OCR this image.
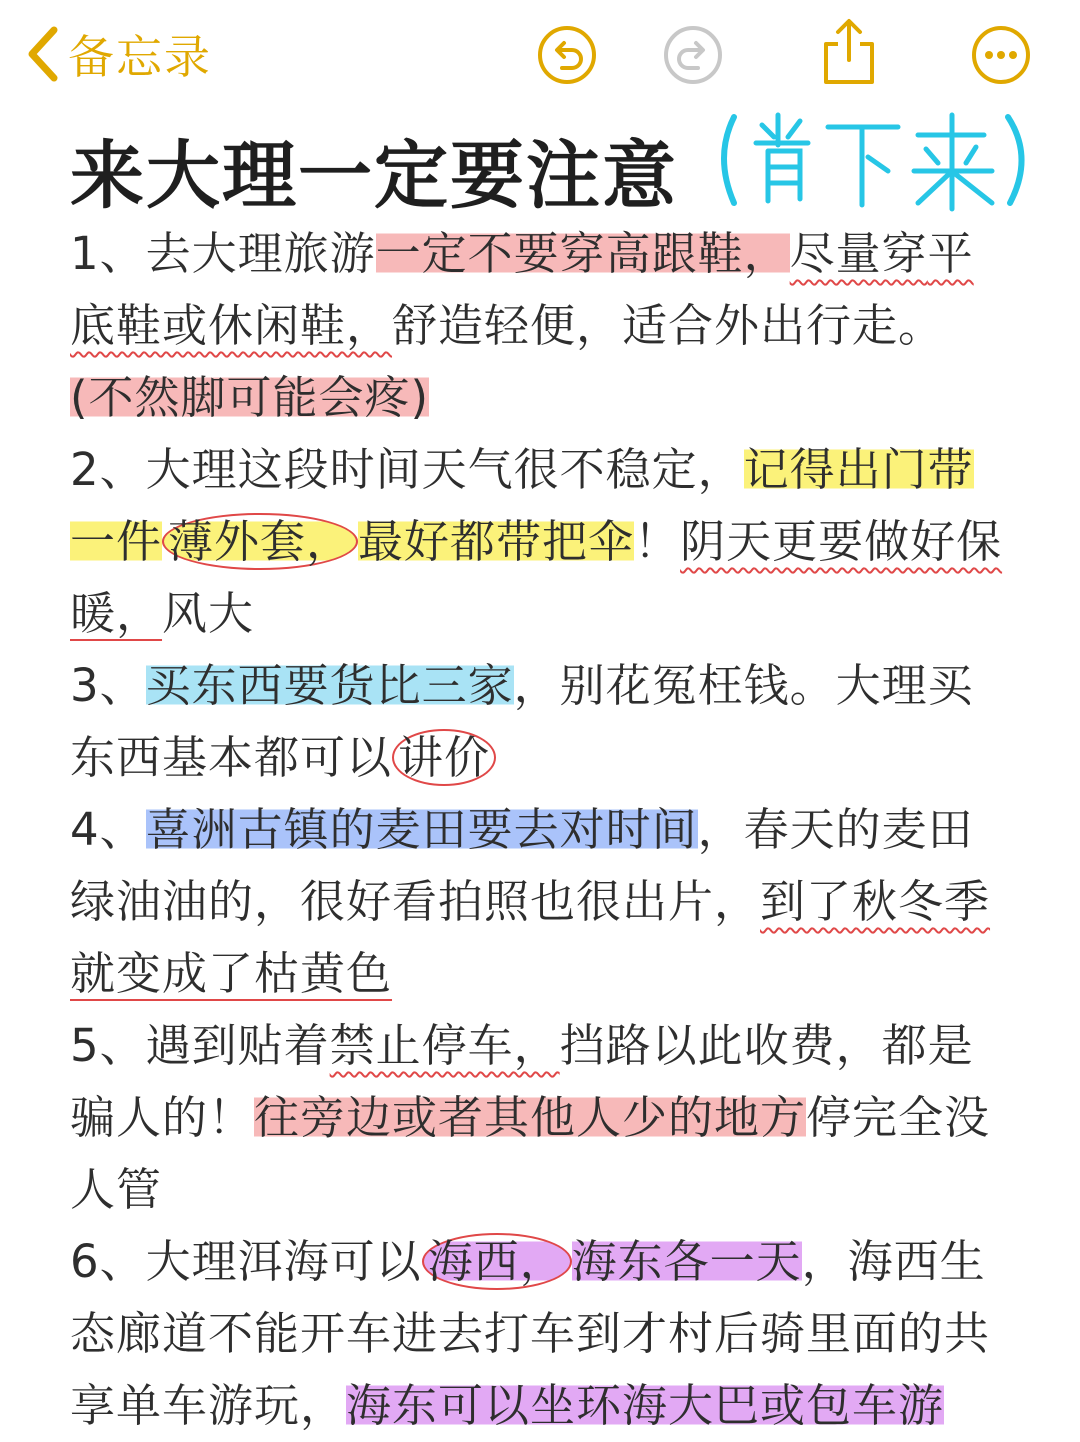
备忘录
来大理一定要注意
1、去大理旅游一定不要穿高跟鞋，尽量穿平
底鞋或休闲鞋，舒造轻便，适合外出行走。
(不然脚可能会疼)
2、大理这段时间天气很不稳定，记得出门带
一件 薄外套， 最好都带把伞！阴天更要做好保
暖，风大
3、买东西要货比三家，别花冤枉钱。大理买
东西基本都可以 讲价
4、喜洲古镇的麦田要去对时间，春天的麦田
绿油油的，很好看拍照也很出片，到了秋冬季
就变成了枯黄色
5、遇到贴着禁止停车，挡路以此收费，都是
骗人的！往旁边或者其他人少的地方停完全没
人管
6、大理洱海可以 海西， 海东各一天，海西生
态廊道不能开车进去打车到才村后骑里面的共
享单车游玩，海东可以坐环海大巴或包车游
